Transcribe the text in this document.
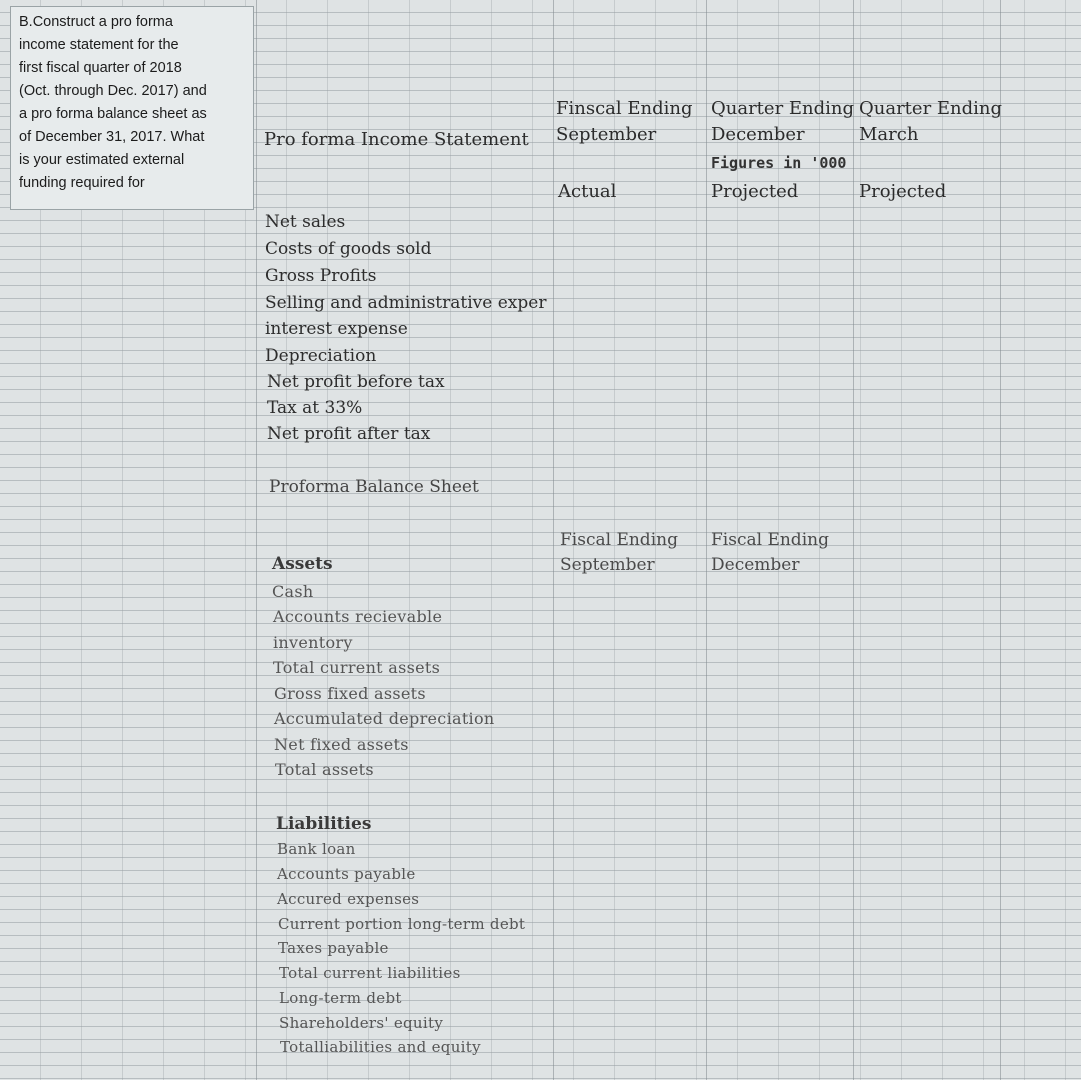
B.Construct a pro forma
income statement for the
first fiscal quarter of 2018
(Oct. through Dec. 2017) and
a pro forma balance sheet as
of December 31, 2017. What
is your estimated external
funding required for
Pro forma Income Statement
Finscal Ending
September
Actual
Quarter Ending
December
Figures in '000
Projected
Quarter Ending
March
Projected
Net sales
Costs of goods sold
Gross Profits
Selling and administrative exper
interest expense
Depreciation
Net profit before tax
Tax at 33%
Net profit after tax
Proforma Balance Sheet
Fiscal Ending
September
Fiscal Ending
December
Assets
Cash
Accounts recievable
inventory
Total current assets
Gross fixed assets
Accumulated depreciation
Net fixed assets
Total assets
Liabilities
Bank loan
Accounts payable
Accured expenses
Current portion long-term debt
Taxes payable
Total current liabilities
Long-term debt
Shareholders' equity
Totalliabilities and equity
